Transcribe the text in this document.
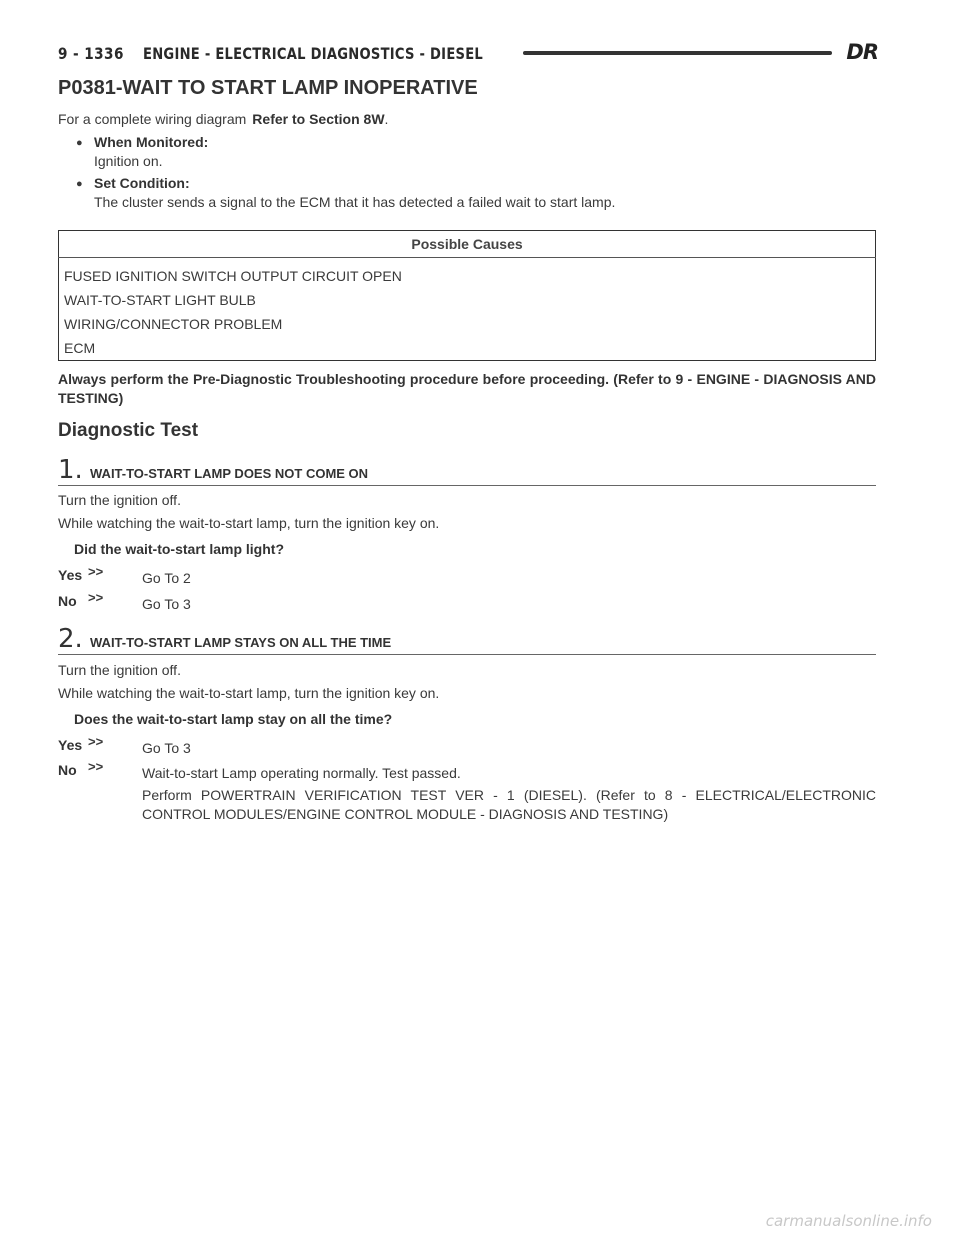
9 - 1336 ENGINE - ELECTRICAL DIAGNOSTICS - DIESEL	DR
P0381-WAIT TO START LAMP INOPERATIVE
For a complete wiring diagram Refer to Section 8W.
● When Monitored:
Ignition on.
● Set Condition:
The cluster sends a signal to the ECM that it has detected a failed wait to start lamp.
Possible Causes
FUSED IGNITION SWITCH OUTPUT CIRCUIT OPEN
WAIT-TO-START LIGHT BULB
WIRING/CONNECTOR PROBLEM
ECM
Always perform the Pre-Diagnostic Troubleshooting procedure before proceeding. (Refer to 9 - ENGINE - DIAGNOSIS AND TESTING)
Diagnostic Test
1. WAIT-TO-START LAMP DOES NOT COME ON
Turn the ignition off.
While watching the wait-to-start lamp, turn the ignition key on.
Did the wait-to-start lamp light?
Yes >>	Go To 2
No >>	Go To 3
2. WAIT-TO-START LAMP STAYS ON ALL THE TIME
Turn the ignition off.
While watching the wait-to-start lamp, turn the ignition key on.
Does the wait-to-start lamp stay on all the time?
Yes >>	Go To 3
No >>	Wait-to-start Lamp operating normally. Test passed.
Perform POWERTRAIN VERIFICATION TEST VER - 1 (DIESEL). (Refer to 8 - ELECTRICAL/ELECTRONIC CONTROL MODULES/ENGINE CONTROL MODULE - DIAGNOSIS AND TESTING)
carmanualsonline.info
